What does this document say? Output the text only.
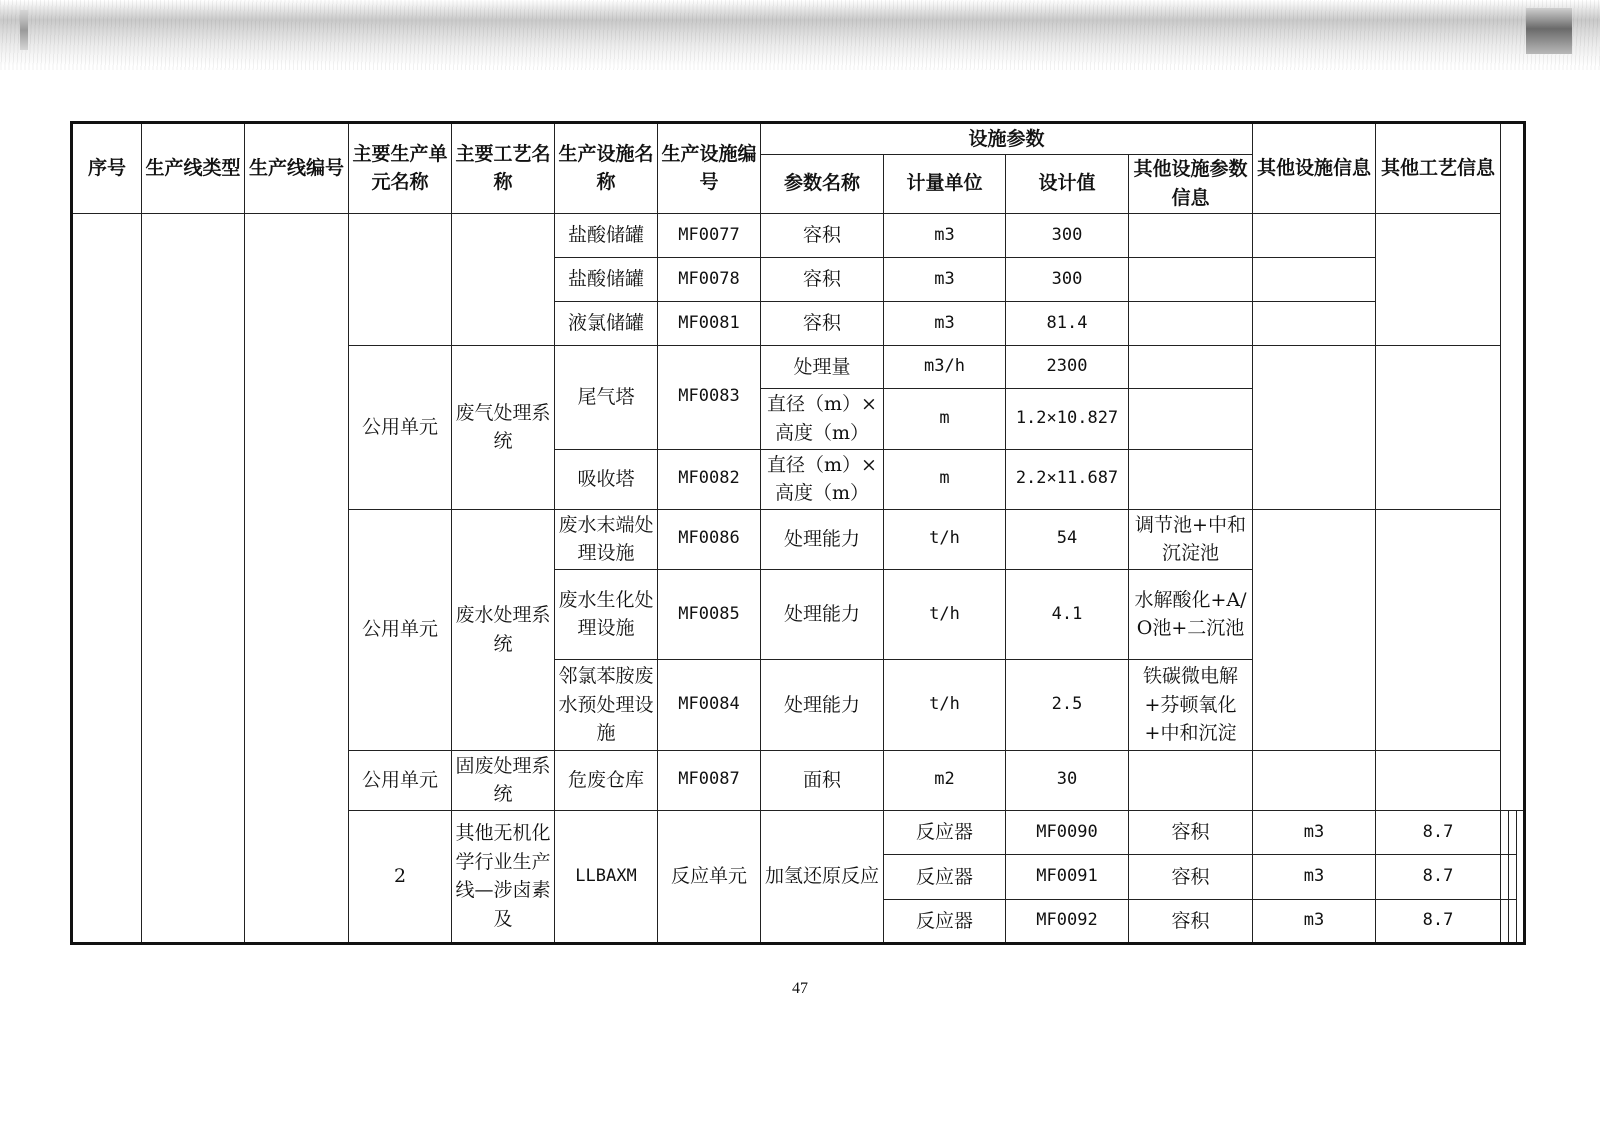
序号	生产线类型	生产线编号	主要生产单元名称	主要工艺名称	生产设施名称	生产设施编号	设施参数				其他设施信息	其他工艺信息			
							参数名称	计量单位	设计值	其他设施参数信息					
					盐酸储罐	MF0077	容积	m3	300						
					盐酸储罐	MF0078	容积	m3	300						
					液氯储罐	MF0081	容积	m3	81.4						
			公用单元	废气处理系统	尾气塔	MF0083	处理量	m3/h	2300						
							直径（m）×高度（m）	m	1.2×10.827						
					吸收塔	MF0082	直径（m）×高度（m）	m	2.2×11.687						
			公用单元	废水处理系统	废水末端处理设施	MF0086	处理能力	t/h	54	调节池+中和沉淀池					
					废水生化处理设施	MF0085	处理能力	t/h	4.1	水解酸化+A/O池+二沉池					
					邻氯苯胺废水预处理设施	MF0084	处理能力	t/h	2.5	铁碳微电解+芬顿氧化+中和沉淀					
			公用单元	固废处理系统	危废仓库	MF0087	面积	m2	30						
			2	其他无机化学行业生产线—涉卤素及	LLBAXM	反应单元	加氢还原反应	反应器	MF0090	容积	m3	8.7			
								反应器	MF0091	容积	m3	8.7			
								反应器	MF0092	容积	m3	8.7			
47
